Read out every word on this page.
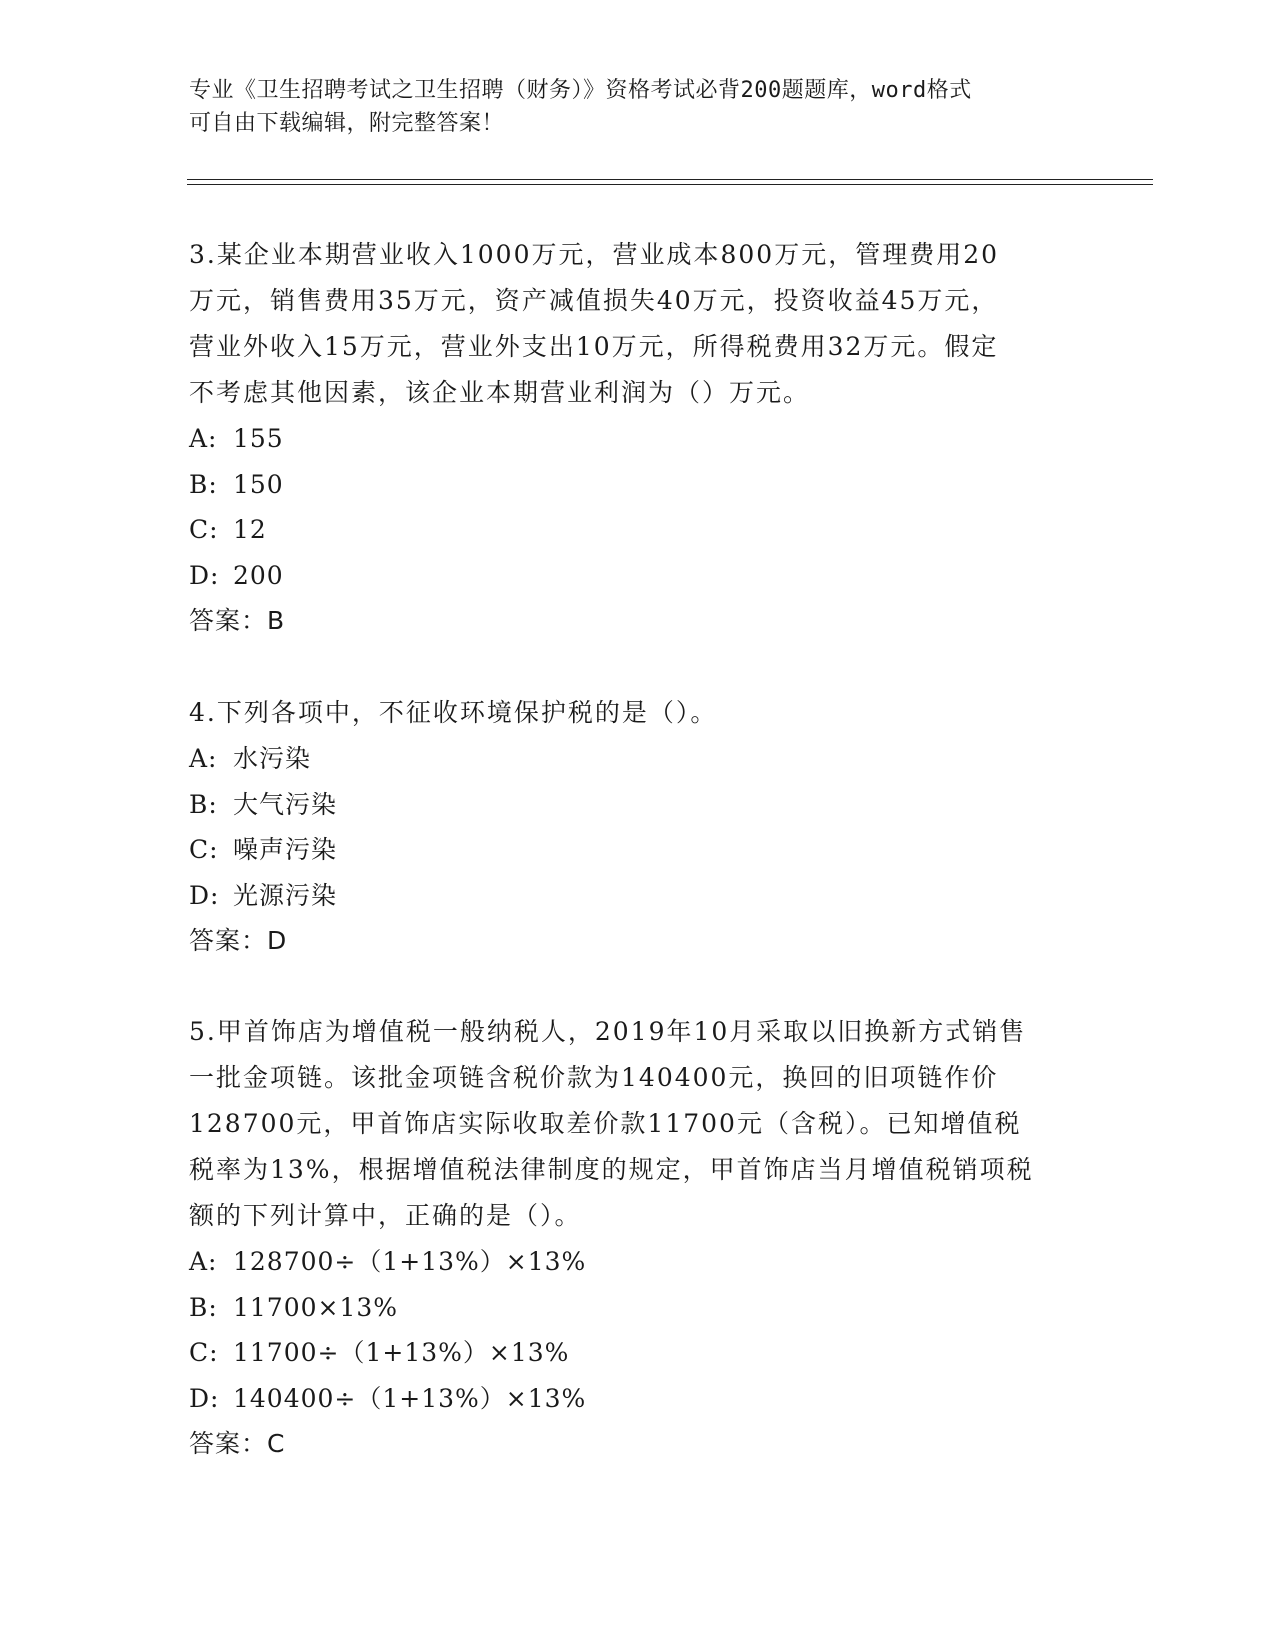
专业《卫生招聘考试之卫生招聘（财务）》资格考试必背200题题库，word格式
可自由下载编辑，附完整答案！
3.某企业本期营业收入1000万元，营业成本800万元，管理费用20
万元，销售费用35万元，资产减值损失40万元，投资收益45万元，
营业外收入15万元，营业外支出10万元，所得税费用32万元。假定
不考虑其他因素，该企业本期营业利润为（）万元。
A: 155
B: 150
C: 12
D: 200
答案：B
4.下列各项中，不征收环境保护税的是（）。
A: 水污染
B: 大气污染
C: 噪声污染
D: 光源污染
答案：D
5.甲首饰店为增值税一般纳税人，2019年10月采取以旧换新方式销售
一批金项链。该批金项链含税价款为140400元，换回的旧项链作价
128700元，甲首饰店实际收取差价款11700元（含税）。已知增值税
税率为13%，根据增值税法律制度的规定，甲首饰店当月增值税销项税
额的下列计算中，正确的是（）。
A: 128700÷（1+13%）×13%
B: 11700×13%
C: 11700÷（1+13%）×13%
D: 140400÷（1+13%）×13%
答案：C
